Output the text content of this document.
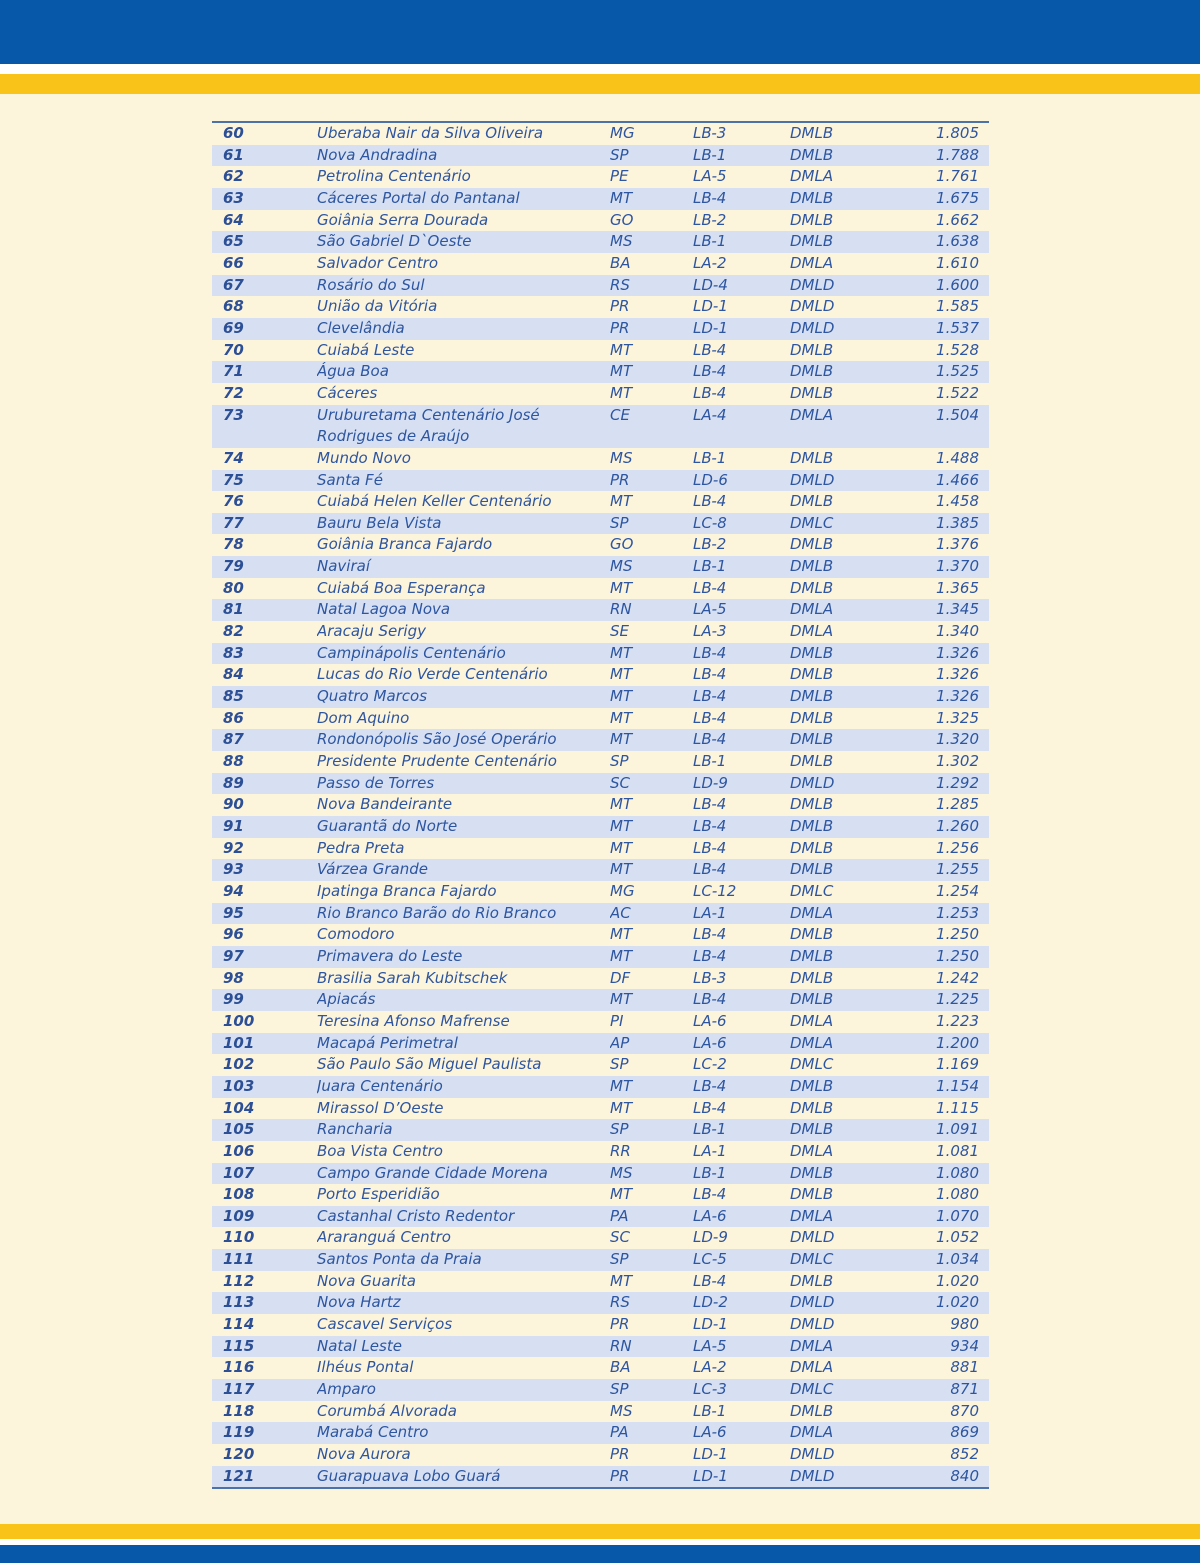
60	Uberaba Nair da Silva Oliveira	MG	LB-3	DMLB	1.805
61	Nova Andradina	SP	LB-1	DMLB	1.788
62	Petrolina Centenário	PE	LA-5	DMLA	1.761
63	Cáceres Portal do Pantanal	MT	LB-4	DMLB	1.675
64	Goiânia Serra Dourada	GO	LB-2	DMLB	1.662
65	São Gabriel D`Oeste	MS	LB-1	DMLB	1.638
66	Salvador Centro	BA	LA-2	DMLA	1.610
67	Rosário do Sul	RS	LD-4	DMLD	1.600
68	União da Vitória	PR	LD-1	DMLD	1.585
69	Clevelândia	PR	LD-1	DMLD	1.537
70	Cuiabá Leste	MT	LB-4	DMLB	1.528
71	Água Boa	MT	LB-4	DMLB	1.525
72	Cáceres	MT	LB-4	DMLB	1.522
73	Uruburetama Centenário José Rodrigues de Araújo	CE	LA-4	DMLA	1.504
74	Mundo Novo	MS	LB-1	DMLB	1.488
75	Santa Fé	PR	LD-6	DMLD	1.466
76	Cuiabá Helen Keller Centenário	MT	LB-4	DMLB	1.458
77	Bauru Bela Vista	SP	LC-8	DMLC	1.385
78	Goiânia Branca Fajardo	GO	LB-2	DMLB	1.376
79	Naviraí	MS	LB-1	DMLB	1.370
80	Cuiabá Boa Esperança	MT	LB-4	DMLB	1.365
81	Natal Lagoa Nova	RN	LA-5	DMLA	1.345
82	Aracaju Serigy	SE	LA-3	DMLA	1.340
83	Campinápolis Centenário	MT	LB-4	DMLB	1.326
84	Lucas do Rio Verde Centenário	MT	LB-4	DMLB	1.326
85	Quatro Marcos	MT	LB-4	DMLB	1.326
86	Dom Aquino	MT	LB-4	DMLB	1.325
87	Rondonópolis São José Operário	MT	LB-4	DMLB	1.320
88	Presidente Prudente Centenário	SP	LB-1	DMLB	1.302
89	Passo de Torres	SC	LD-9	DMLD	1.292
90	Nova Bandeirante	MT	LB-4	DMLB	1.285
91	Guarantã do Norte	MT	LB-4	DMLB	1.260
92	Pedra Preta	MT	LB-4	DMLB	1.256
93	Várzea Grande	MT	LB-4	DMLB	1.255
94	Ipatinga Branca Fajardo	MG	LC-12	DMLC	1.254
95	Rio Branco Barão do Rio Branco	AC	LA-1	DMLA	1.253
96	Comodoro	MT	LB-4	DMLB	1.250
97	Primavera do Leste	MT	LB-4	DMLB	1.250
98	Brasilia Sarah Kubitschek	DF	LB-3	DMLB	1.242
99	Apiacás	MT	LB-4	DMLB	1.225
100	Teresina Afonso Mafrense	PI	LA-6	DMLA	1.223
101	Macapá Perimetral	AP	LA-6	DMLA	1.200
102	São Paulo São Miguel Paulista	SP	LC-2	DMLC	1.169
103	Juara Centenário	MT	LB-4	DMLB	1.154
104	Mirassol D’Oeste	MT	LB-4	DMLB	1.115
105	Rancharia	SP	LB-1	DMLB	1.091
106	Boa Vista Centro	RR	LA-1	DMLA	1.081
107	Campo Grande Cidade Morena	MS	LB-1	DMLB	1.080
108	Porto Esperidião	MT	LB-4	DMLB	1.080
109	Castanhal Cristo Redentor	PA	LA-6	DMLA	1.070
110	Araranguá Centro	SC	LD-9	DMLD	1.052
111	Santos Ponta da Praia	SP	LC-5	DMLC	1.034
112	Nova Guarita	MT	LB-4	DMLB	1.020
113	Nova Hartz	RS	LD-2	DMLD	1.020
114	Cascavel Serviços	PR	LD-1	DMLD	980
115	Natal Leste	RN	LA-5	DMLA	934
116	Ilhéus Pontal	BA	LA-2	DMLA	881
117	Amparo	SP	LC-3	DMLC	871
118	Corumbá Alvorada	MS	LB-1	DMLB	870
119	Marabá Centro	PA	LA-6	DMLA	869
120	Nova Aurora	PR	LD-1	DMLD	852
121	Guarapuava Lobo Guará	PR	LD-1	DMLD	840
